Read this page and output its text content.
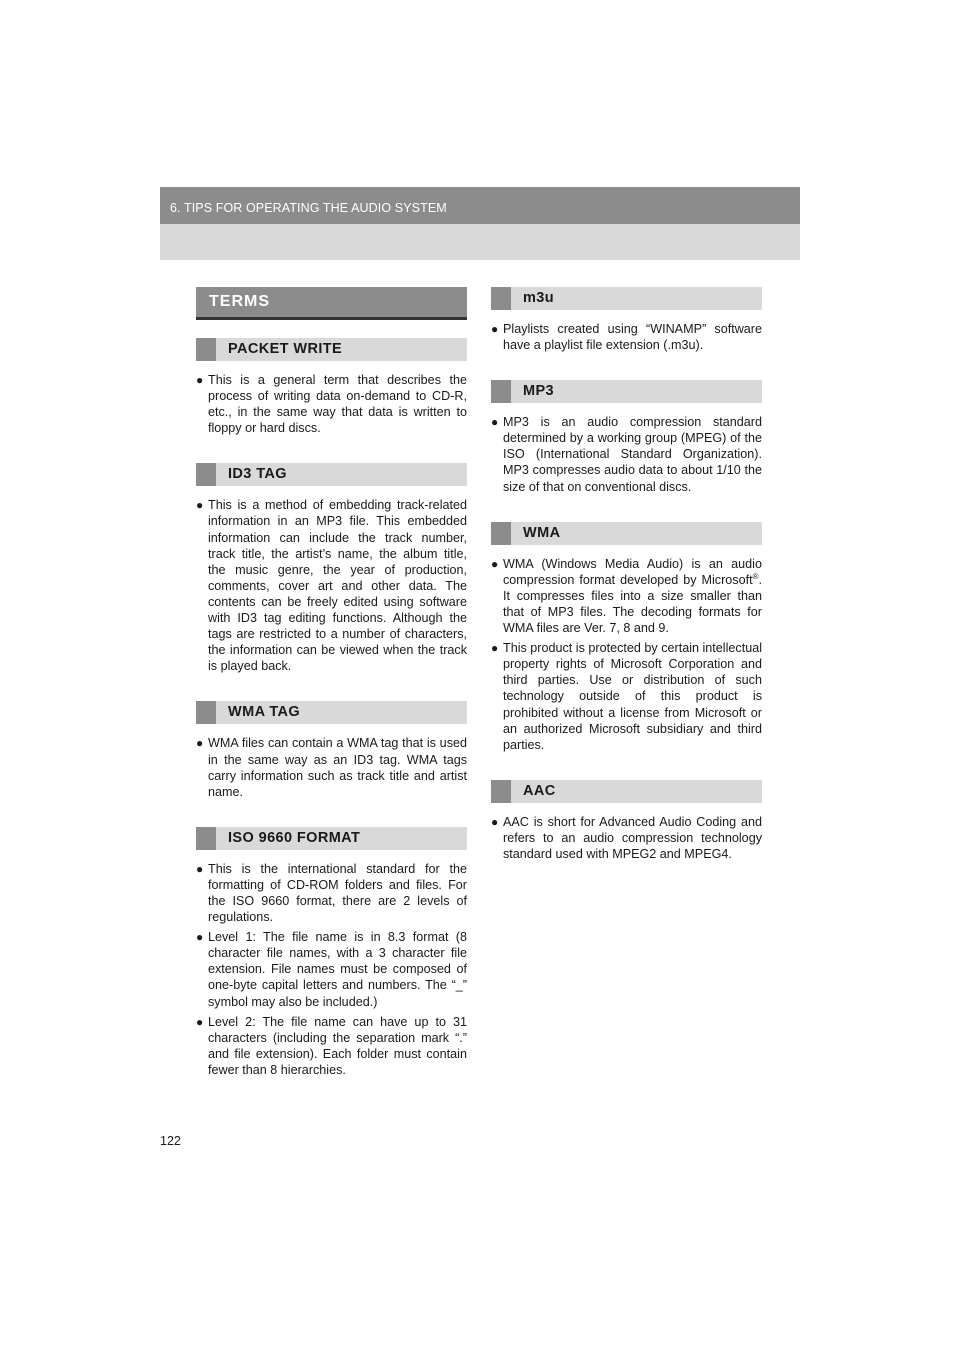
6. TIPS FOR OPERATING THE AUDIO SYSTEM
TERMS
PACKET WRITE

● This is a general term that describes the process of writing data on-demand to CD-R, etc., in the same way that data is written to floppy or hard discs.

ID3 TAG

● This is a method of embedding track-related information in an MP3 file. This embedded information can include the track number, track title, the artist’s name, the album title, the music genre, the year of production, comments, cover art and other data. The contents can be freely edited using software with ID3 tag editing functions. Although the tags are restricted to a number of characters, the information can be viewed when the track is played back.

WMA TAG

● WMA files can contain a WMA tag that is used in the same way as an ID3 tag. WMA tags carry information such as track title and artist name.

ISO 9660 FORMAT

● This is the international standard for the formatting of CD-ROM folders and files. For the ISO 9660 format, there are 2 levels of regulations.

● Level 1: The file name is in 8.3 format (8 character file names, with a 3 character file extension. File names must be composed of one-byte capital letters and numbers. The “_” symbol may also be included.)

● Level 2: The file name can have up to 31 characters (including the separation mark “.” and file extension). Each folder must contain fewer than 8 hierarchies.

m3u

● Playlists created using “WINAMP” software have a playlist file extension (.m3u).

MP3

● MP3 is an audio compression standard determined by a working group (MPEG) of the ISO (International Standard Organization). MP3 compresses audio data to about 1/10 the size of that on conventional discs.

WMA

● WMA (Windows Media Audio) is an audio compression format developed by Microsoft®. It compresses files into a size smaller than that of MP3 files. The decoding formats for WMA files are Ver. 7, 8 and 9.

● This product is protected by certain intellectual property rights of Microsoft Corporation and third parties. Use or distribution of such technology outside of this product is prohibited without a license from Microsoft or an authorized Microsoft subsidiary and third parties.

AAC

● AAC is short for Advanced Audio Coding and refers to an audio compression technology standard used with MPEG2 and MPEG4.

122
